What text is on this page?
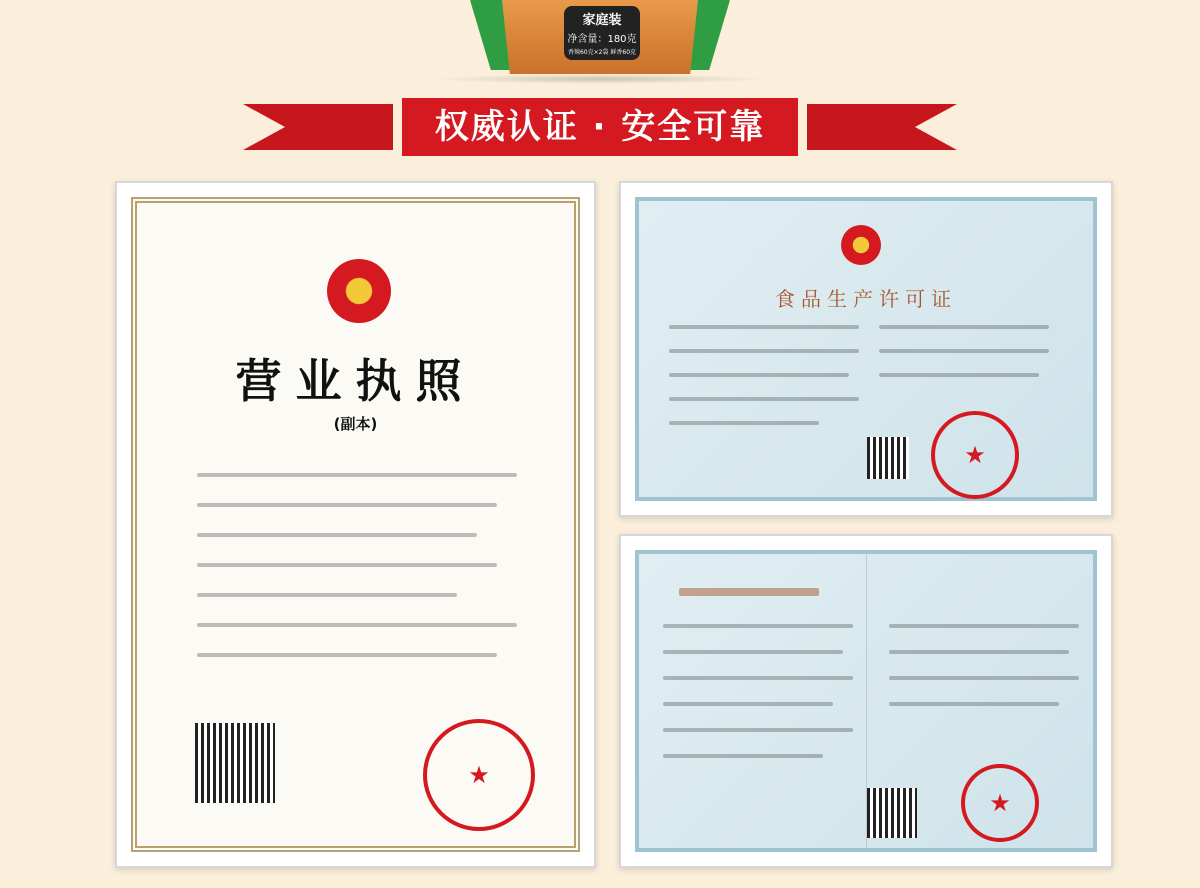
家庭装
净含量：180克
香辣60克×2袋 鲜香60克
权威认证 · 安全可靠
营业执照
(副本)
★
食品生产许可证
★
★
